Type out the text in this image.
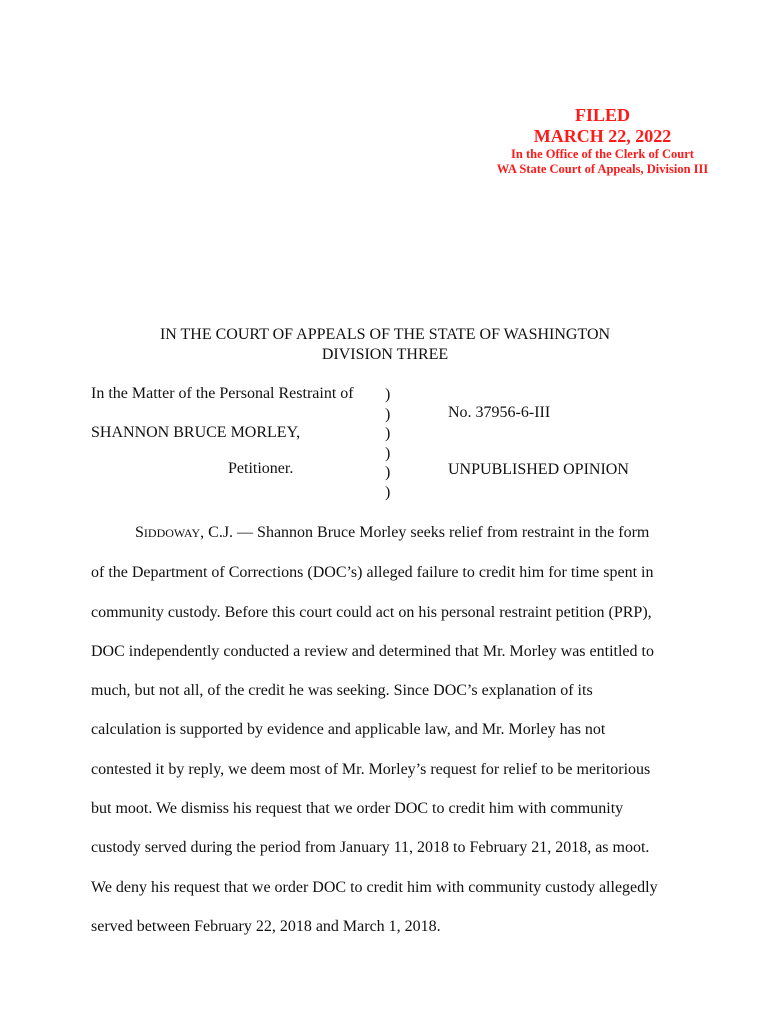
FILED
MARCH 22, 2022
In the Office of the Clerk of Court
WA State Court of Appeals, Division III
IN THE COURT OF APPEALS OF THE STATE OF WASHINGTON
DIVISION THREE
In the Matter of the Personal Restraint of
SHANNON BRUCE MORLEY,
Petitioner.
)
)
)
)
)
)
No. 37956-6-III
UNPUBLISHED OPINION
SIDDOWAY, C.J. — Shannon Bruce Morley seeks relief from restraint in the form
of the Department of Corrections (DOC’s) alleged failure to credit him for time spent in
community custody. Before this court could act on his personal restraint petition (PRP),
DOC independently conducted a review and determined that Mr. Morley was entitled to
much, but not all, of the credit he was seeking. Since DOC’s explanation of its
calculation is supported by evidence and applicable law, and Mr. Morley has not
contested it by reply, we deem most of Mr. Morley’s request for relief to be meritorious
but moot. We dismiss his request that we order DOC to credit him with community
custody served during the period from January 11, 2018 to February 21, 2018, as moot.
We deny his request that we order DOC to credit him with community custody allegedly
served between February 22, 2018 and March 1, 2018.
